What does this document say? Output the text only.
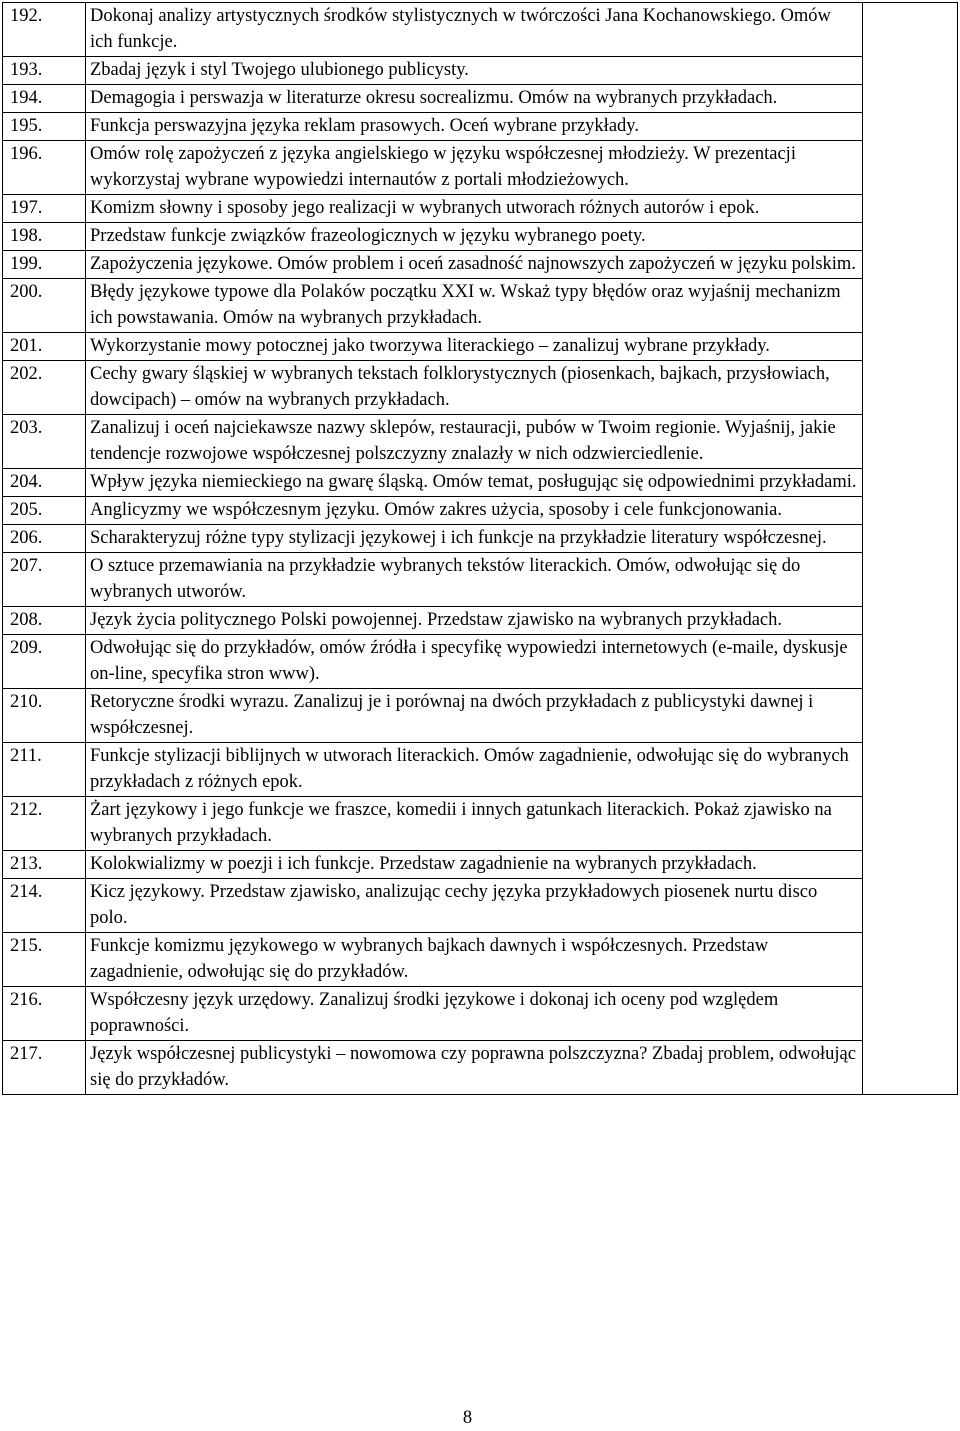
192.	Dokonaj analizy artystycznych środków stylistycznych w twórczości Jana Kochanowskiego. Omów ich funkcje.	
193.	Zbadaj język i styl Twojego ulubionego publicysty.	
194.	Demagogia i perswazja w literaturze okresu socrealizmu. Omów na wybranych przykładach.	
195.	Funkcja perswazyjna języka reklam prasowych. Oceń wybrane przykłady.	
196.	Omów rolę zapożyczeń z języka angielskiego w języku współczesnej młodzieży. W prezentacji wykorzystaj wybrane wypowiedzi internautów z portali młodzieżowych.	
197.	Komizm słowny i sposoby jego realizacji w wybranych utworach różnych autorów i epok.	
198.	Przedstaw funkcje związków frazeologicznych w języku wybranego poety.	
199.	Zapożyczenia językowe. Omów problem i oceń zasadność najnowszych zapożyczeń w języku polskim.	
200.	Błędy językowe typowe dla Polaków początku XXI w. Wskaż typy błędów oraz wyjaśnij mechanizm ich powstawania. Omów na wybranych przykładach.	
201.	Wykorzystanie mowy potocznej jako tworzywa literackiego – zanalizuj wybrane przykłady.	
202.	Cechy gwary śląskiej w wybranych tekstach folklorystycznych (piosenkach, bajkach, przysłowiach, dowcipach) – omów na wybranych przykładach.	
203.	Zanalizuj i oceń najciekawsze nazwy sklepów, restauracji, pubów w Twoim regionie. Wyjaśnij, jakie tendencje rozwojowe współczesnej polszczyzny znalazły w nich odzwierciedlenie.	
204.	Wpływ języka niemieckiego na gwarę śląską. Omów temat, posługując się odpowiednimi przykładami.	
205.	Anglicyzmy we współczesnym języku. Omów zakres użycia, sposoby i cele funkcjonowania.	
206.	Scharakteryzuj różne typy stylizacji językowej i ich funkcje na przykładzie literatury współczesnej.	
207.	O sztuce przemawiania na przykładzie wybranych tekstów literackich. Omów, odwołując się do wybranych utworów.	
208.	Język życia politycznego Polski powojennej. Przedstaw zjawisko na wybranych przykładach.	
209.	Odwołując się do przykładów, omów źródła i specyfikę wypowiedzi internetowych (e-maile, dyskusje on-line, specyfika stron www).	
210.	Retoryczne środki wyrazu. Zanalizuj je i porównaj na dwóch przykładach z publicystyki dawnej i współczesnej.	
211.	Funkcje stylizacji biblijnych w utworach literackich. Omów zagadnienie, odwołując się do wybranych przykładach z różnych epok.	
212.	Żart językowy i jego funkcje we fraszce, komedii i innych gatunkach literackich. Pokaż zjawisko na wybranych przykładach.	
213.	Kolokwializmy w poezji i ich funkcje. Przedstaw zagadnienie na wybranych przykładach.	
214.	Kicz językowy. Przedstaw zjawisko, analizując cechy języka przykładowych piosenek nurtu disco polo.	
215.	Funkcje komizmu językowego w wybranych bajkach dawnych i współczesnych. Przedstaw zagadnienie, odwołując się do przykładów.	
216.	Współczesny język urzędowy. Zanalizuj środki językowe i dokonaj ich oceny pod względem poprawności.	
217.	Język współczesnej publicystyki – nowomowa czy poprawna polszczyzna? Zbadaj problem, odwołując się do przykładów.	
8
